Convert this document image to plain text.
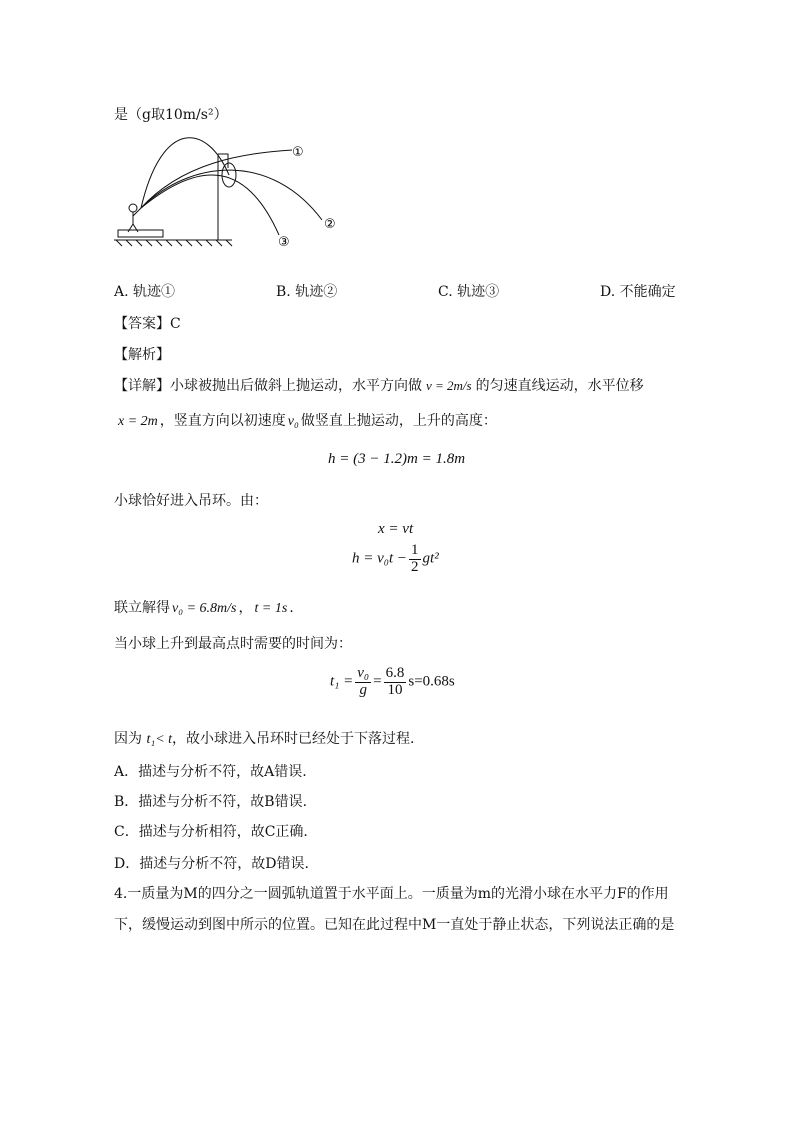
是（g取10m/s²）
①
②
③
A. 轨迹①	B. 轨迹②	C. 轨迹③	D. 不能确定
【答案】C
【解析】
【详解】小球被抛出后做斜上抛运动，水平方向做 v = 2m/s 的匀速直线运动，水平位移
x = 2m ，竖直方向以初速度 v₀ 做竖直上抛运动，上升的高度：
h = (3 − 1.2)m = 1.8m
小球恰好进入吊环。由：
x = vt
$h = v_0t - \frac{1}{2} gt^2$
联立解得 v₀ = 6.8m/s ， t = 1s .
当小球上升到最高点时需要的时间为：
$t_1 = \frac{\text{v₀}}{g} = \frac{6.8}{10} s=0.68s$
因为 t₁< t，故小球进入吊环时已经处于下落过程.
A．描述与分析不符，故A错误.
B．描述与分析不符，故B错误.
C．描述与分析相符，故C正确.
D．描述与分析不符，故D错误.
4.一质量为M的四分之一圆弧轨道置于水平面上。一质量为m的光滑小球在水平力F的作用
下，缓慢运动到图中所示的位置。已知在此过程中M一直处于静止状态，下列说法正确的是
